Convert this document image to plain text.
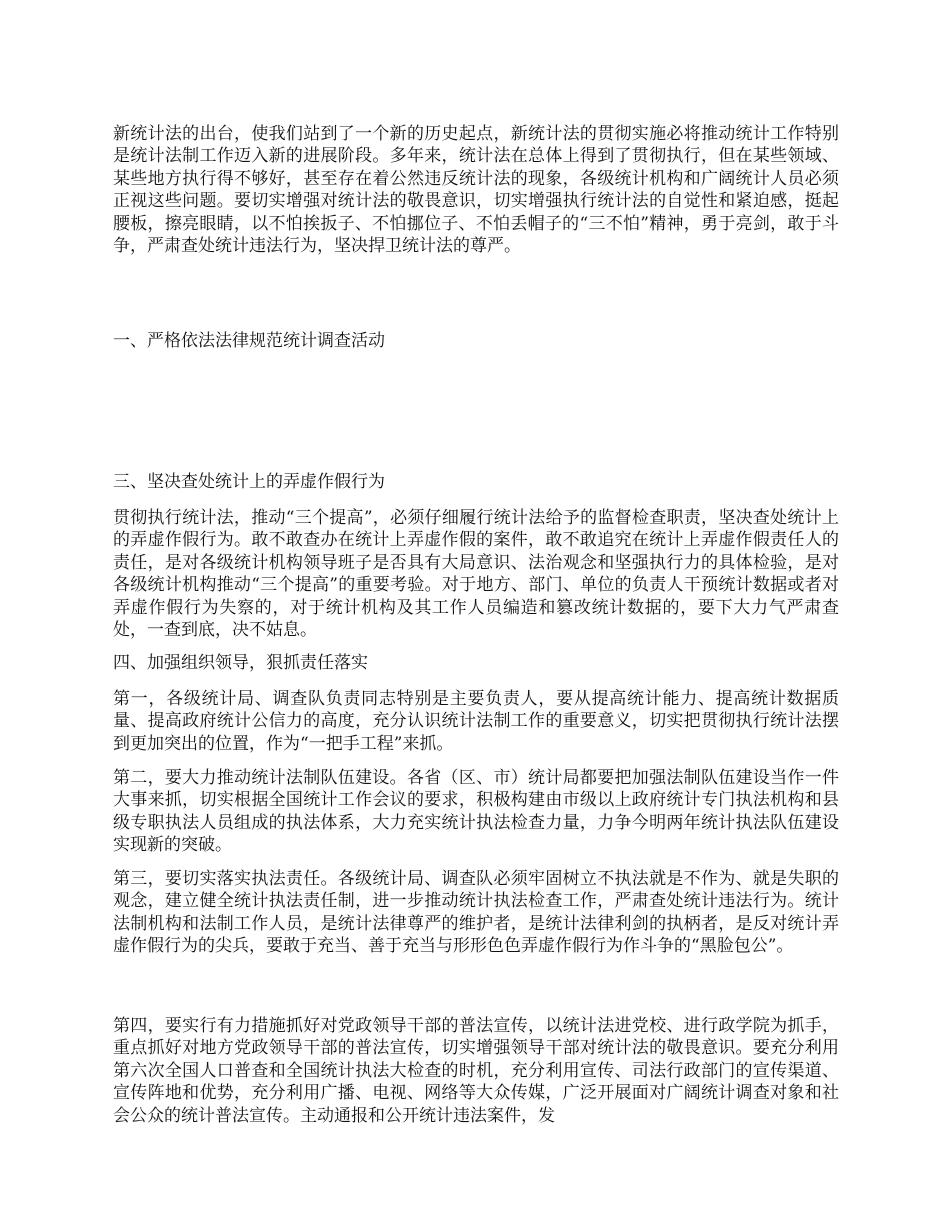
新统计法的出台，使我们站到了一个新的历史起点，新统计法的贯彻实施必将推动统计工作特别是统计法制工作迈入新的进展阶段。多年来，统计法在总体上得到了贯彻执行，但在某些领域、某些地方执行得不够好，甚至存在着公然违反统计法的现象，各级统计机构和广阔统计人员必须正视这些问题。要切实增强对统计法的敬畏意识，切实增强执行统计法的自觉性和紧迫感，挺起腰板，擦亮眼睛，以不怕挨扳子、不怕挪位子、不怕丢帽子的“三不怕”精神，勇于亮剑，敢于斗争，严肃查处统计违法行为，坚决捍卫统计法的尊严。

一、严格依法法律规范统计调查活动

三、坚决查处统计上的弄虚作假行为

贯彻执行统计法，推动“三个提高”，必须仔细履行统计法给予的监督检查职责，坚决查处统计上的弄虚作假行为。敢不敢查办在统计上弄虚作假的案件，敢不敢追究在统计上弄虚作假责任人的责任，是对各级统计机构领导班子是否具有大局意识、法治观念和坚强执行力的具体检验，是对各级统计机构推动“三个提高”的重要考验。对于地方、部门、单位的负责人干预统计数据或者对弄虚作假行为失察的，对于统计机构及其工作人员编造和篡改统计数据的，要下大力气严肃查处，一查到底，决不姑息。

四、加强组织领导，狠抓责任落实

第一，各级统计局、调查队负责同志特别是主要负责人，要从提高统计能力、提高统计数据质量、提高政府统计公信力的高度，充分认识统计法制工作的重要意义，切实把贯彻执行统计法摆到更加突出的位置，作为“一把手工程”来抓。

第二，要大力推动统计法制队伍建设。各省（区、市）统计局都要把加强法制队伍建设当作一件大事来抓，切实根据全国统计工作会议的要求，积极构建由市级以上政府统计专门执法机构和县级专职执法人员组成的执法体系，大力充实统计执法检查力量，力争今明两年统计执法队伍建设实现新的突破。

第三，要切实落实执法责任。各级统计局、调查队必须牢固树立不执法就是不作为、就是失职的观念，建立健全统计执法责任制，进一步推动统计执法检查工作，严肃查处统计违法行为。统计法制机构和法制工作人员，是统计法律尊严的维护者，是统计法律利剑的执柄者，是反对统计弄虚作假行为的尖兵，要敢于充当、善于充当与形形色色弄虚作假行为作斗争的“黑脸包公”。

第四，要实行有力措施抓好对党政领导干部的普法宣传，以统计法进党校、进行政学院为抓手，重点抓好对地方党政领导干部的普法宣传，切实增强领导干部对统计法的敬畏意识。要充分利用第六次全国人口普查和全国统计执法大检查的时机，充分利用宣传、司法行政部门的宣传渠道、宣传阵地和优势，充分利用广播、电视、网络等大众传媒，广泛开展面对广阔统计调查对象和社会公众的统计普法宣传。主动通报和公开统计违法案件，发
